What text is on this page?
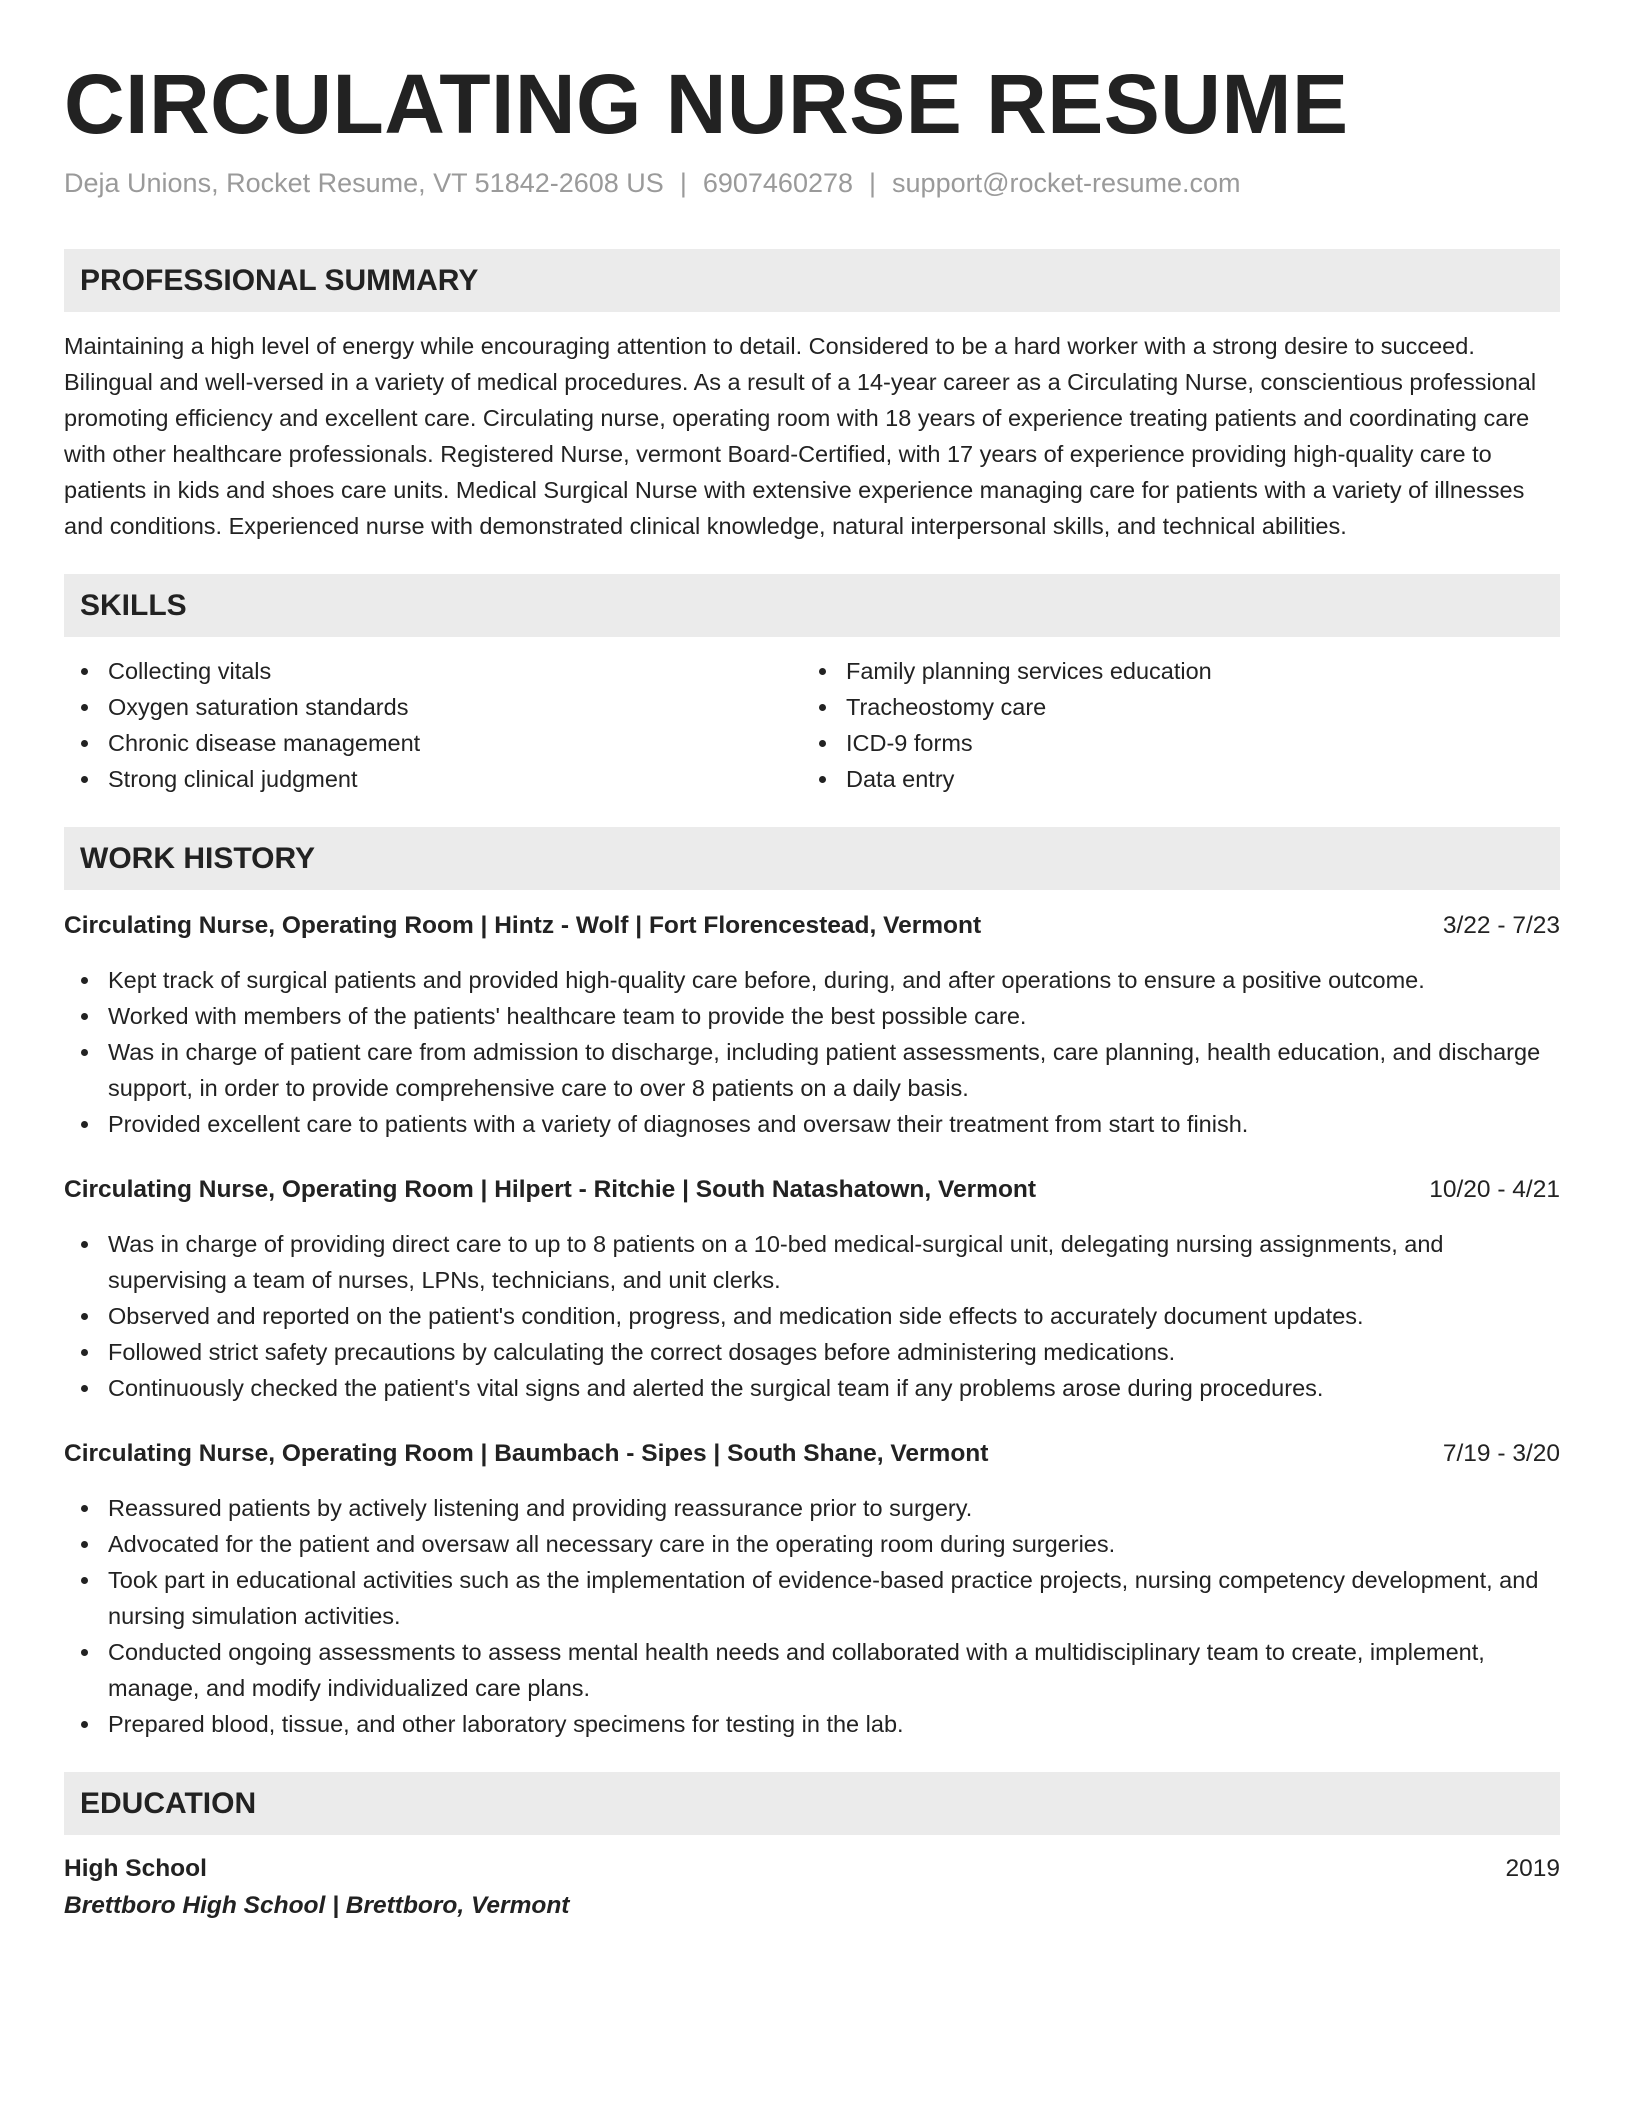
CIRCULATING NURSE RESUME
Deja Unions, Rocket Resume, VT 51842-2608 US | 6907460278 | support@rocket-resume.com
PROFESSIONAL SUMMARY
Maintaining a high level of energy while encouraging attention to detail. Considered to be a hard worker with a strong desire to succeed. Bilingual and well-versed in a variety of medical procedures. As a result of a 14-year career as a Circulating Nurse, conscientious professional promoting efficiency and excellent care. Circulating nurse, operating room with 18 years of experience treating patients and coordinating care with other healthcare professionals. Registered Nurse, vermont Board-Certified, with 17 years of experience providing high-quality care to patients in kids and shoes care units. Medical Surgical Nurse with extensive experience managing care for patients with a variety of illnesses and conditions. Experienced nurse with demonstrated clinical knowledge, natural interpersonal skills, and technical abilities.
SKILLS
Collecting vitals
Oxygen saturation standards
Chronic disease management
Strong clinical judgment
Family planning services education
Tracheostomy care
ICD-9 forms
Data entry
WORK HISTORY
Circulating Nurse, Operating Room | Hintz - Wolf | Fort Florencestead, Vermont	3/22 - 7/23
Kept track of surgical patients and provided high-quality care before, during, and after operations to ensure a positive outcome.
Worked with members of the patients' healthcare team to provide the best possible care.
Was in charge of patient care from admission to discharge, including patient assessments, care planning, health education, and discharge support, in order to provide comprehensive care to over 8 patients on a daily basis.
Provided excellent care to patients with a variety of diagnoses and oversaw their treatment from start to finish.
Circulating Nurse, Operating Room | Hilpert - Ritchie | South Natashatown, Vermont	10/20 - 4/21
Was in charge of providing direct care to up to 8 patients on a 10-bed medical-surgical unit, delegating nursing assignments, and supervising a team of nurses, LPNs, technicians, and unit clerks.
Observed and reported on the patient's condition, progress, and medication side effects to accurately document updates.
Followed strict safety precautions by calculating the correct dosages before administering medications.
Continuously checked the patient's vital signs and alerted the surgical team if any problems arose during procedures.
Circulating Nurse, Operating Room | Baumbach - Sipes | South Shane, Vermont	7/19 - 3/20
Reassured patients by actively listening and providing reassurance prior to surgery.
Advocated for the patient and oversaw all necessary care in the operating room during surgeries.
Took part in educational activities such as the implementation of evidence-based practice projects, nursing competency development, and nursing simulation activities.
Conducted ongoing assessments to assess mental health needs and collaborated with a multidisciplinary team to create, implement, manage, and modify individualized care plans.
Prepared blood, tissue, and other laboratory specimens for testing in the lab.
EDUCATION
High School	2019
Brettboro High School | Brettboro, Vermont
